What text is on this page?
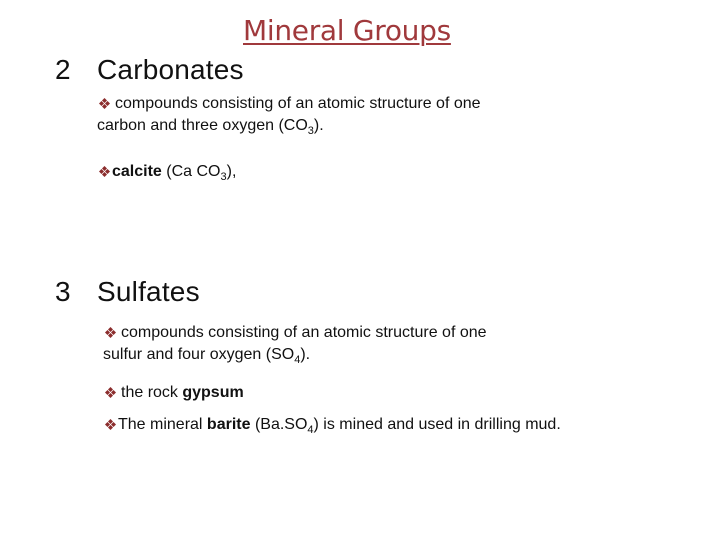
Mineral Groups
2 Carbonates
compounds consisting of an atomic structure of one
carbon and three oxygen $(CO_3)$.
calcite (Ca $CO_3$),
3 Sulfates
compounds consisting of an atomic structure of one
sulfur and four oxygen $(SO_4)$.
the rock gypsum
The mineral barite $(Ba.SO_4)$ is mined and used in drilling mud.
